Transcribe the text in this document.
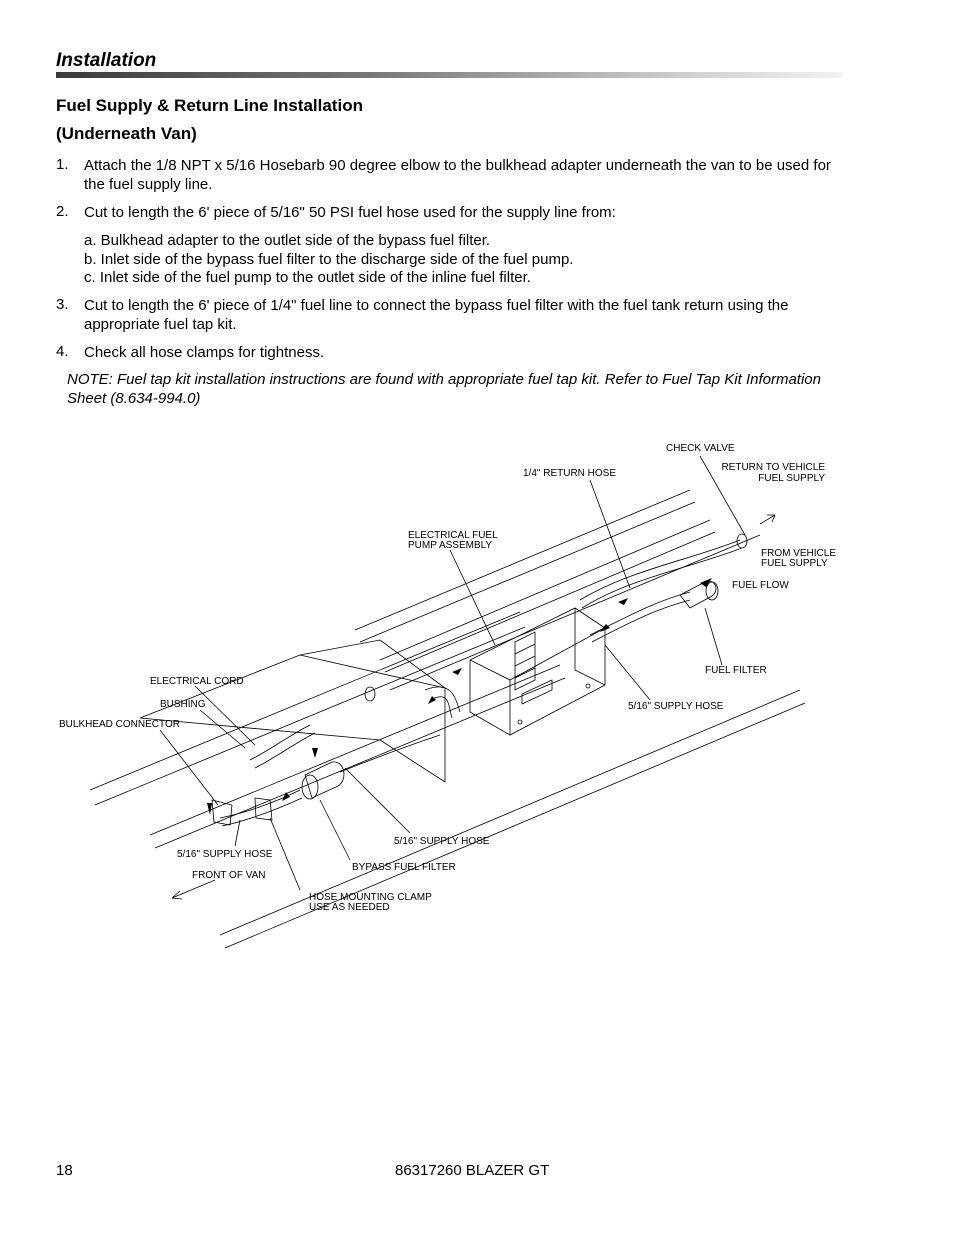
Installation
Fuel Supply & Return Line Installation
(Underneath Van)
1. Attach the 1/8 NPT x 5/16 Hosebarb 90 degree elbow to the bulkhead adapter underneath the van to be used for the fuel supply line.
2. Cut to length the 6' piece of 5/16" 50 PSI fuel hose used for the supply line from:
a. Bulkhead adapter to the outlet side of the bypass fuel filter.
b. Inlet side of the bypass fuel filter to the discharge side of the fuel pump.
c. Inlet side of the fuel pump to the outlet side of the inline fuel filter.
3. Cut to length the 6' piece of 1/4" fuel line to connect the bypass fuel filter with the fuel tank return using the appropriate fuel tap kit.
4. Check all hose clamps for tightness.
NOTE: Fuel tap kit installation instructions are found with appropriate fuel tap kit. Refer to Fuel Tap Kit Information Sheet (8.634-994.0)
CHECK VALVE
1/4" RETURN HOSE
RETURN TO VEHICLE
FUEL SUPPLY
ELECTRICAL FUEL
PUMP ASSEMBLY
FROM VEHICLE
FUEL SUPPLY
FUEL FLOW
FUEL FILTER
ELECTRICAL CORD
BUSHING
BULKHEAD CONNECTOR
5/16" SUPPLY HOSE
5/16" SUPPLY HOSE
5/16" SUPPLY HOSE
BYPASS FUEL FILTER
FRONT OF VAN
HOSE MOUNTING CLAMP
USE AS NEEDED
18	86317260 BLAZER GT
